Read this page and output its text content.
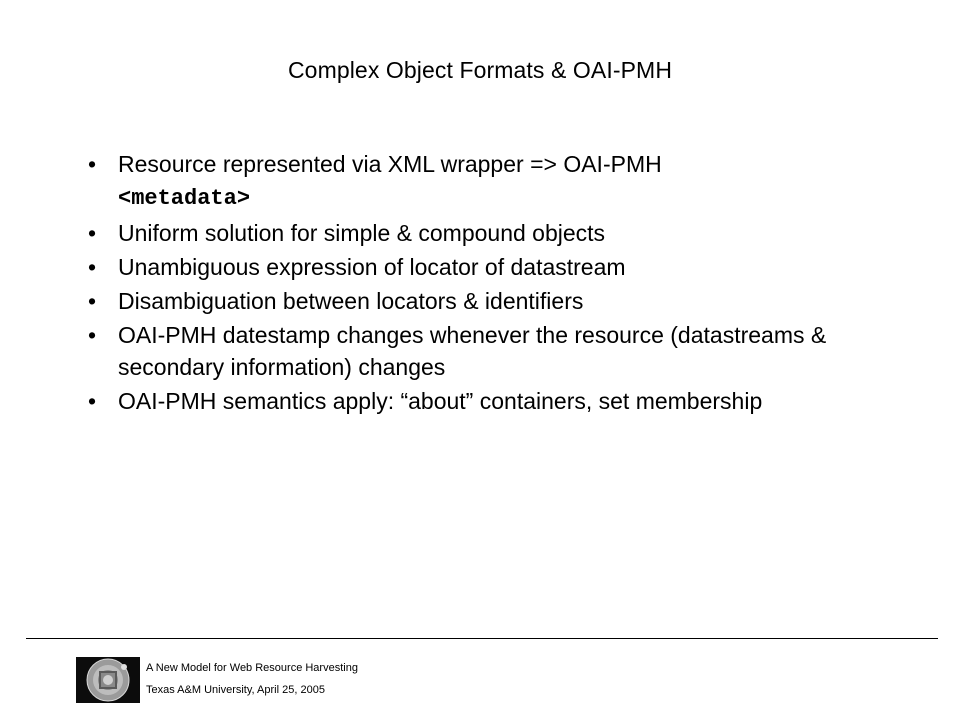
Complex Object Formats & OAI-PMH
• Resource represented via XML wrapper => OAI-PMH
<metadata>
• Uniform solution for simple & compound objects
• Unambiguous expression of locator of datastream
• Disambiguation between locators & identifiers
• OAI-PMH datestamp changes whenever the resource (datastreams & secondary information) changes
• OAI-PMH semantics apply: “about” containers, set membership
A New Model for Web Resource Harvesting
Texas A&M University, April 25, 2005
